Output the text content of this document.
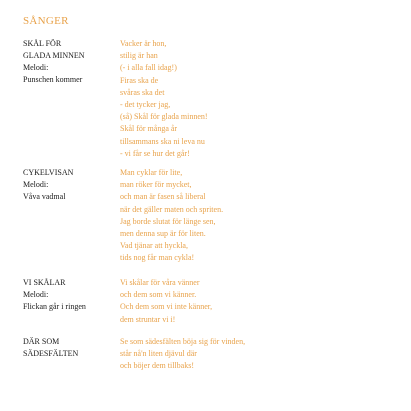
SÅNGER
SKÅL FÖR
GLADA MINNEN
Melodi:
Punschen kommer
Vacker är hon,
stilig är han
(- i alla fall idag!)
Firas ska de
svåras ska det
- det tycker jag,
(så) Skål för glada minnen!
Skål för många år
tillsammans ska ni leva nu
- vi får se hur det går!
CYKELVISAN
Melodi:
Våva vadmal
Man cyklar för lite,
man röker för mycket,
och man är fasen så liberal
när det gäller maten och spriten.
Jag borde slutat för länge sen,
men denna sup är för liten.
Vad tjänar att hyckla,
tids nog får man cykla!
VI SKÅLAR
Melodi:
Flickan går i ringen
Vi skålar för våra vänner
och dem som vi känner.
Och dem som vi inte känner,
dem struntar vi i!
DÄR SOM
SÄDESFÄLTEN
Se som sädesfälten böja sig för vinden,
står nå'n liten djävul där
och böjer dem tillbaks!
